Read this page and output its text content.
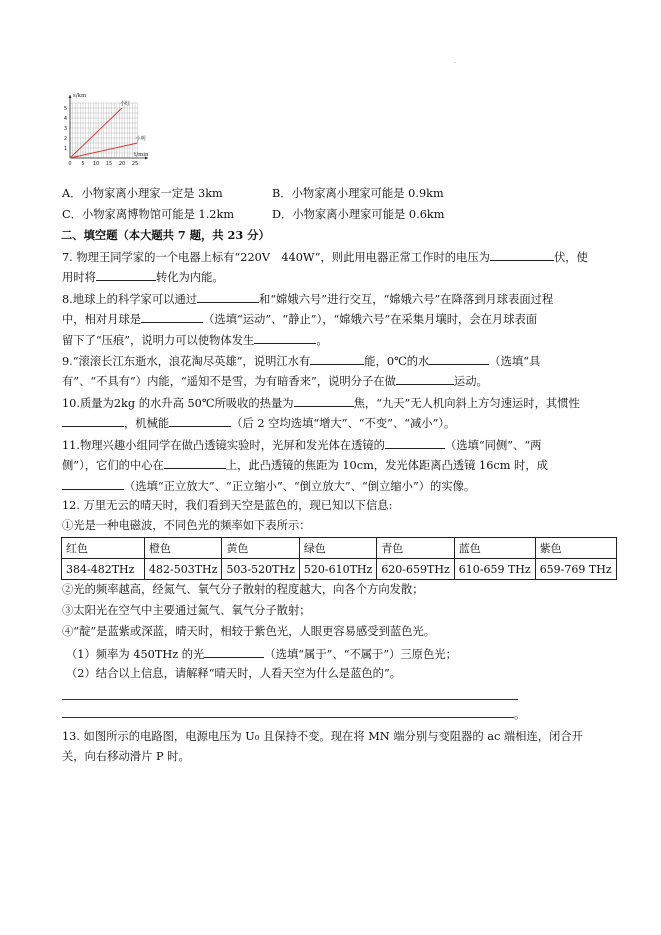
·
0 5 10 15 20 25
1
2
3
4
5
s/km
t/min
小红
小明
A．小物家离小理家一定是 3km	B．小物家离小理家可能是 0.9km
C．小物家离博物馆可能是 1.2km	D．小物家离小理家可能是 0.6km
二、填空题（本大题共 7 题，共 23 分）
7. 物理王同学家的一个电器上标有“220V　440W”，则此用电器正常工作时的电压为	伏，使
用时将	转化为内能。
8.地球上的科学家可以通过	和“嫦娥六号”进行交互，“嫦娥六号”在降落到月球表面过程
中，相对月球是	（选填“运动”、“静止”），“嫦娥六号”在采集月壤时，会在月球表面
留下了“压痕”，说明力可以使物体发生	。
9.“滚滚长江东逝水，浪花淘尽英雄”，说明江水有	能，0℃的水	（选填“具
有”、“不具有”）内能，“遥知不是雪，为有暗香来”，说明分子在做	运动。
10.质量为2kg 的水升高 50℃所吸收的热量为	焦，“九天”无人机向斜上方匀速运时，其惯性
，机械能	（后 2 空均选填“增大”、“不变”、“减小”）。
11.物理兴趣小组同学在做凸透镜实验时，光屏和发光体在透镜的	（选填“同侧”、“两
侧”），它们的中心在	上，此凸透镜的焦距为 10cm，发光体距离凸透镜 16cm 时，成
（选填“正立放大”、“正立缩小”、“倒立放大”、“倒立缩小”）的实像。
12. 万里无云的晴天时，我们看到天空是蓝色的，现已知以下信息:
①光是一种电磁波，不同色光的频率如下表所示：
红色	橙色	黄色	绿色	青色	蓝色	紫色
384-482THz	482-503THz	503-520THz	520-610THz	620-659THz	610-659 THz	659-769 THz
②光的频率越高，经氮气、氧气分子散射的程度越大，向各个方向发散；
③太阳光在空气中主要通过氮气、氧气分子散射；
④“靛”是蓝紫或深蓝，晴天时，相较于紫色光，人眼更容易感受到蓝色光。
（1）频率为 450THz 的光	（选填“属于”、“不属于”）三原色光；
（2）结合以上信息，请解释“晴天时，人看天空为什么是蓝色的”。
。
13. 如图所示的电路图，电源电压为 U₀ 且保持不变。现在将 MN 端分别与变阻器的 ac 端相连，闭合开
关，向右移动滑片 P 时。
